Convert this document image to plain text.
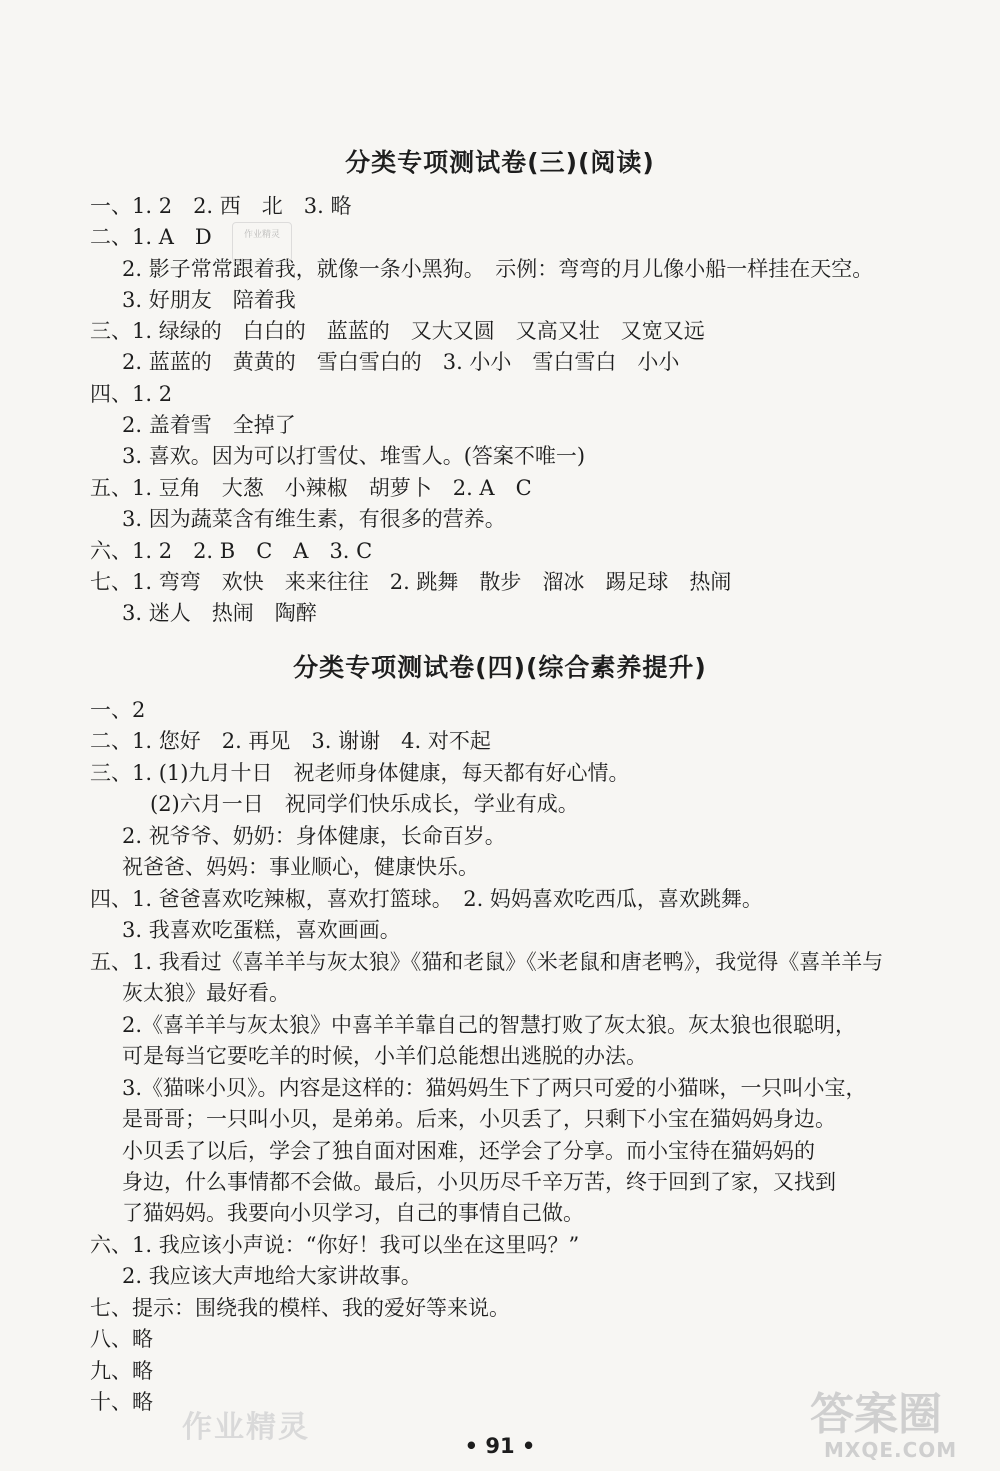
分类专项测试卷(三)(阅读)
一、1. 2　2. 西　北　3. 略
二、1. A　D
2. 影子常常跟着我，就像一条小黑狗。　示例：弯弯的月儿像小船一样挂在天空。
3. 好朋友　陪着我
三、1. 绿绿的　白白的　蓝蓝的　又大又圆　又高又壮　又宽又远
2. 蓝蓝的　黄黄的　雪白雪白的　3. 小小　雪白雪白　小小
四、1. 2
2. 盖着雪　全掉了
3. 喜欢。因为可以打雪仗、堆雪人。(答案不唯一)
五、1. 豆角　大葱　小辣椒　胡萝卜　2. A　C
3. 因为蔬菜含有维生素，有很多的营养。
六、1. 2　2. B　C　A　3. C
七、1. 弯弯　欢快　来来往往　2. 跳舞　散步　溜冰　踢足球　热闹
3. 迷人　热闹　陶醉
分类专项测试卷(四)(综合素养提升)
一、2
二、1. 您好　2. 再见　3. 谢谢　4. 对不起
三、1. (1)九月十日　祝老师身体健康，每天都有好心情。
(2)六月一日　祝同学们快乐成长，学业有成。
2. 祝爷爷、奶奶：身体健康，长命百岁。
祝爸爸、妈妈：事业顺心，健康快乐。
四、1. 爸爸喜欢吃辣椒，喜欢打篮球。　2. 妈妈喜欢吃西瓜，喜欢跳舞。
3. 我喜欢吃蛋糕，喜欢画画。
五、1. 我看过《喜羊羊与灰太狼》《猫和老鼠》《米老鼠和唐老鸭》，我觉得《喜羊羊与
灰太狼》最好看。
2.《喜羊羊与灰太狼》中喜羊羊靠自己的智慧打败了灰太狼。灰太狼也很聪明，
可是每当它要吃羊的时候，小羊们总能想出逃脱的办法。
3.《猫咪小贝》。内容是这样的：猫妈妈生下了两只可爱的小猫咪，一只叫小宝，
是哥哥；一只叫小贝，是弟弟。后来，小贝丢了，只剩下小宝在猫妈妈身边。
小贝丢了以后，学会了独自面对困难，还学会了分享。而小宝待在猫妈妈的
身边，什么事情都不会做。最后，小贝历尽千辛万苦，终于回到了家，又找到
了猫妈妈。我要向小贝学习，自己的事情自己做。
六、1. 我应该小声说：“你好！我可以坐在这里吗？”
2. 我应该大声地给大家讲故事。
七、提示：围绕我的模样、我的爱好等来说。
八、略
九、略
十、略
作业精灵
作业精灵	答案圈
MXQE.COM
• 91 •
